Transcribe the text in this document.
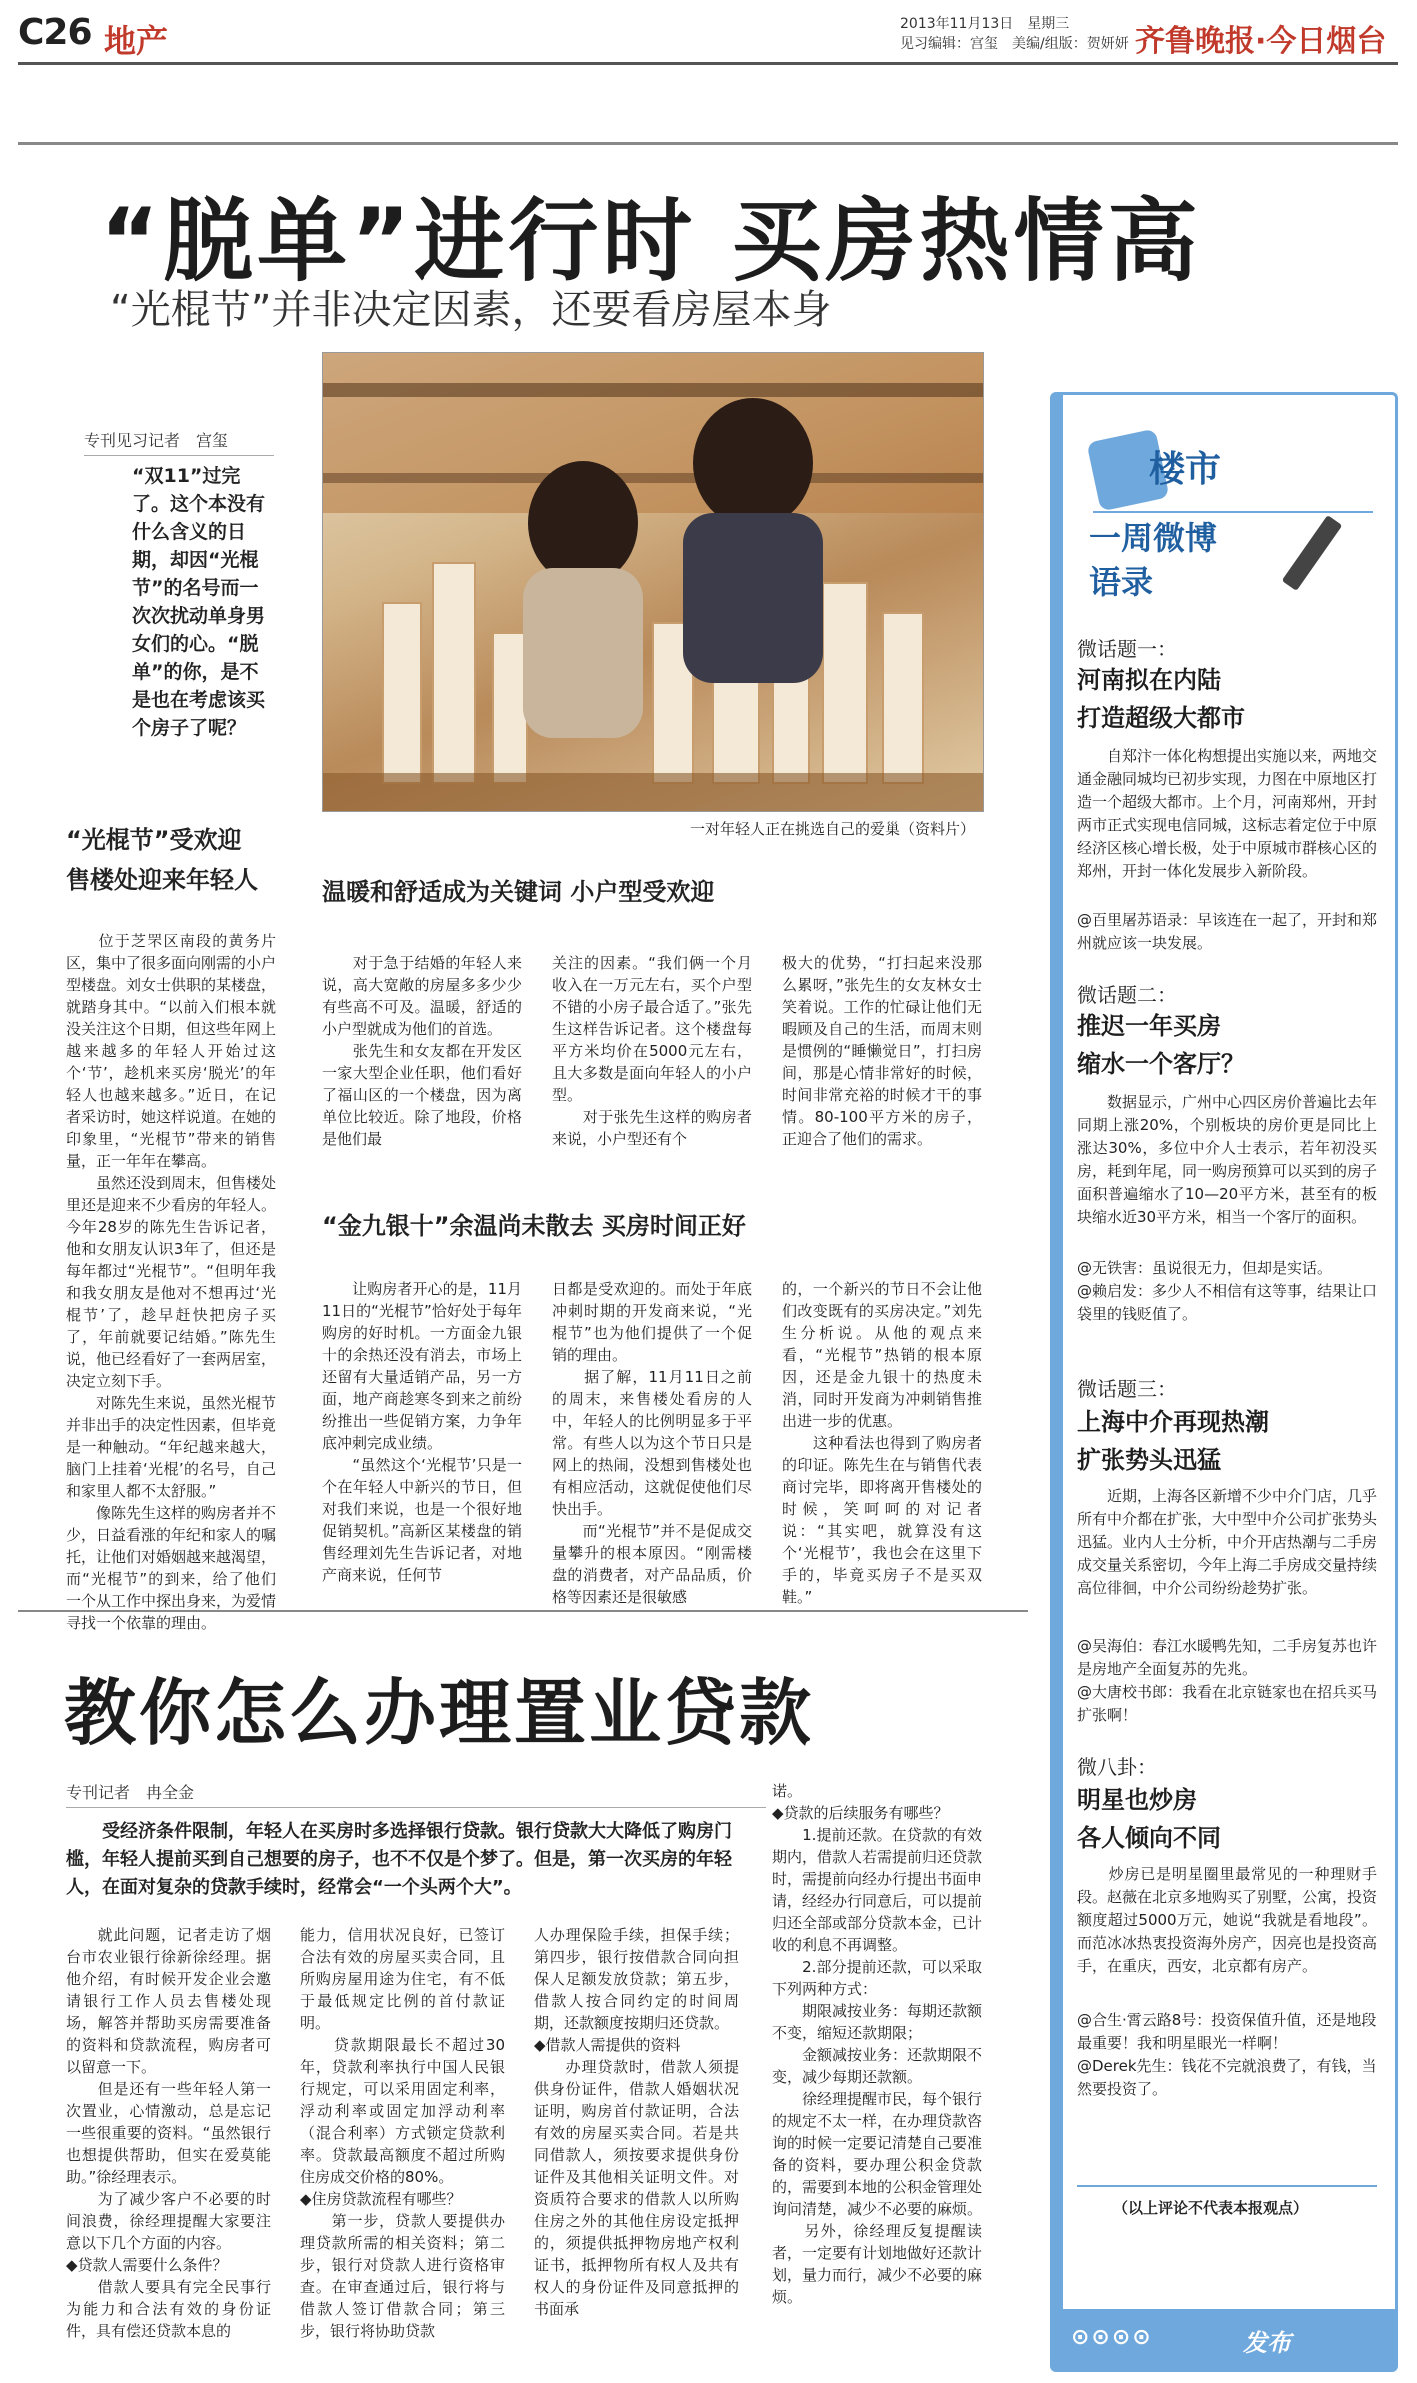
C26 地产	2013年11月13日　星期三
见习编辑：宫玺　美编/组版：贺妍妍 齐鲁晚报·今日烟台
“脱单”进行时 买房热情高
“光棍节”并非决定因素，还要看房屋本身
专刊见习记者　宫玺
“双11”过完了。这个本没有什么含义的日期，却因“光棍节”的名号而一次次扰动单身男女们的心。“脱单”的你，是不是也在考虑该买个房子了呢？
一对年轻人正在挑选自己的爱巢（资料片）
“光棍节”受欢迎
售楼处迎来年轻人
　　位于芝罘区南段的黄务片区，集中了很多面向刚需的小户型楼盘。刘女士供职的某楼盘，就踏身其中。“以前入们根本就没关注这个日期，但这些年网上越来越多的年轻人开始过这个‘节’，趁机来买房‘脱光’的年轻人也越来越多。”近日，在记者采访时，她这样说道。在她的印象里，“光棍节”带来的销售量，正一年年在攀高。
　　虽然还没到周末，但售楼处里还是迎来不少看房的年轻人。今年28岁的陈先生告诉记者，他和女朋友认识3年了，但还是每年都过“光棍节”。“但明年我和我女朋友是他对不想再过‘光棍节’了，趁早赶快把房子买了，年前就要记结婚。”陈先生说，他已经看好了一套两居室，决定立刻下手。
　　对陈先生来说，虽然光棍节并非出手的决定性因素，但毕竟是一种触动。“年纪越来越大，脑门上挂着‘光棍’的名号，自己和家里人都不太舒服。”
　　像陈先生这样的购房者并不少，日益看涨的年纪和家人的嘱托，让他们对婚姻越来越渴望，而“光棍节”的到来，给了他们一个从工作中探出身来，为爱情寻找一个依靠的理由。
温暖和舒适成为关键词 小户型受欢迎
　　对于急于结婚的年轻人来说，高大宽敞的房屋多多少少有些高不可及。温暖，舒适的小户型就成为他们的首选。
　　张先生和女友都在开发区一家大型企业任职，他们看好了福山区的一个楼盘，因为离单位比较近。除了地段，价格是他们最
关注的因素。“我们俩一个月收入在一万元左右，买个户型不错的小房子最合适了。”张先生这样告诉记者。这个楼盘每平方米均价在5000元左右，且大多数是面向年轻人的小户型。
　　对于张先生这样的购房者来说，小户型还有个
极大的优势，“打扫起来没那么累呀，”张先生的女友林女士笑着说。工作的忙碌让他们无暇顾及自己的生活，而周末则是惯例的“睡懒觉日”，打扫房间，那是心情非常好的时候，时间非常充裕的时候才干的事情。80-100平方米的房子，正迎合了他们的需求。
“金九银十”余温尚未散去 买房时间正好
　　让购房者开心的是，11月11日的“光棍节”恰好处于每年购房的好时机。一方面金九银十的余热还没有消去，市场上还留有大量适销产品，另一方面，地产商趁寒冬到来之前纷纷推出一些促销方案，力争年底冲刺完成业绩。
　　“虽然这个‘光棍节’只是一个在年轻人中新兴的节日，但对我们来说，也是一个很好地促销契机。”高新区某楼盘的销售经理刘先生告诉记者，对地产商来说，任何节
日都是受欢迎的。而处于年底冲刺时期的开发商来说，“光棍节”也为他们提供了一个促销的理由。
　　据了解，11月11日之前的周末，来售楼处看房的人中，年轻人的比例明显多于平常。有些人以为这个节日只是网上的热闹，没想到售楼处也有相应活动，这就促使他们尽快出手。
　　而“光棍节”并不是促成交量攀升的根本原因。“刚需楼盘的消费者，对产品品质，价格等因素还是很敏感
的，一个新兴的节日不会让他们改变既有的买房决定。”刘先生分析说。从他的观点来看，“光棍节”热销的根本原因，还是金九银十的热度未消，同时开发商为冲刺销售推出进一步的优惠。
　　这种看法也得到了购房者的印证。陈先生在与销售代表商讨完毕，即将离开售楼处的时候，笑呵呵的对记者说：“其实吧，就算没有这个‘光棍节’，我也会在这里下手的，毕竟买房子不是买双鞋。”
教你怎么办理置业贷款
专刊记者　冉全金
　　受经济条件限制，年轻人在买房时多选择银行贷款。银行贷款大大降低了购房门槛，年轻人提前买到自己想要的房子，也不不仅是个梦了。但是，第一次买房的年轻人，在面对复杂的贷款手续时，经常会“一个头两个大”。
　　就此问题，记者走访了烟台市农业银行徐新徐经理。据他介绍，有时候开发企业会邀请银行工作人员去售楼处现场，解答并帮助买房需要准备的资料和贷款流程，购房者可以留意一下。
　　但是还有一些年轻人第一次置业，心情激动，总是忘记一些很重要的资料。“虽然银行也想提供帮助，但实在爱莫能助。”徐经理表示。
　　为了减少客户不必要的时间浪费，徐经理提醒大家要注意以下几个方面的内容。
◆贷款人需要什么条件？
　　借款人要具有完全民事行为能力和合法有效的身份证件，具有偿还贷款本息的
能力，信用状况良好，已签订合法有效的房屋买卖合同，且所购房屋用途为住宅，有不低于最低规定比例的首付款证明。
　　贷款期限最长不超过30年，贷款利率执行中国人民银行规定，可以采用固定利率，浮动利率或固定加浮动利率（混合利率）方式锁定贷款利率。贷款最高额度不超过所购住房成交价格的80%。
◆住房贷款流程有哪些？
　　第一步，贷款人要提供办理贷款所需的相关资料；第二步，银行对贷款人进行资格审查。在审查通过后，银行将与借款人签订借款合同；第三步，银行将协助贷款
人办理保险手续，担保手续；第四步，银行按借款合同向担保人足额发放贷款；第五步，借款人按合同约定的时间周期，还款额度按期归还贷款。
◆借款人需提供的资料
　　办理贷款时，借款人须提供身份证件，借款人婚姻状况证明，购房首付款证明，合法有效的房屋买卖合同。若是共同借款人，须按要求提供身份证件及其他相关证明文件。对资质符合要求的借款人以所购住房之外的其他住房设定抵押的，须提供抵押物房地产权利证书，抵押物所有权人及共有权人的身份证件及同意抵押的书面承
诺。
◆贷款的后续服务有哪些？
　　1.提前还款。在贷款的有效期内，借款人若需提前归还贷款时，需提前向经办行提出书面申请，经经办行同意后，可以提前归还全部或部分贷款本金，已计收的利息不再调整。
　　2.部分提前还款，可以采取下列两种方式：
　　期限减按业务：每期还款额不变，缩短还款期限；
　　金额减按业务：还款期限不变，减少每期还款额。
　　徐经理提醒市民，每个银行的规定不太一样，在办理贷款咨询的时候一定要记清楚自己要准备的资料，要办理公积金贷款的，需要到本地的公积金管理处询问清楚，减少不必要的麻烦。
　　另外，徐经理反复提醒读者，一定要有计划地做好还款计划，量力而行，减少不必要的麻烦。
楼市
一周微博
语录
微话题一：
河南拟在内陆
打造超级大都市
　　自郑汴一体化构想提出实施以来，两地交通金融同城均已初步实现，力图在中原地区打造一个超级大都市。上个月，河南郑州，开封两市正式实现电信同城，这标志着定位于中原经济区核心增长极，处于中原城市群核心区的郑州，开封一体化发展步入新阶段。
@百里屠苏语录：早该连在一起了，开封和郑州就应该一块发展。
微话题二：
推迟一年买房
缩水一个客厅？
　　数据显示，广州中心四区房价普遍比去年同期上涨20%，个别板块的房价更是同比上涨达30%，多位中介人士表示，若年初没买房，耗到年尾，同一购房预算可以买到的房子面积普遍缩水了10—20平方米，甚至有的板块缩水近30平方米，相当一个客厅的面积。
@无铁害：虽说很无力，但却是实话。
@赖启发：多少人不相信有这等事，结果让口袋里的钱贬值了。
微话题三：
上海中介再现热潮
扩张势头迅猛
　　近期，上海各区新增不少中介门店，几乎所有中介都在扩张，大中型中介公司扩张势头迅猛。业内人士分析，中介开店热潮与二手房成交量关系密切，今年上海二手房成交量持续高位徘徊，中介公司纷纷趁势扩张。
@吴海伯：春江水暖鸭先知，二手房复苏也许是房地产全面复苏的先兆。
@大唐校书郎：我看在北京链家也在招兵买马扩张啊！
微八卦：
明星也炒房
各人倾向不同
　　炒房已是明星圈里最常见的一种理财手段。赵薇在北京多地购买了别墅，公寓，投资额度超过5000万元，她说“我就是看地段”。而范冰冰热衷投资海外房产，因亮也是投资高手，在重庆，西安，北京都有房产。
@合生·霄云路8号：投资保值升值，还是地段最重要！我和明星眼光一样啊！
@Derek先生：钱花不完就浪费了，有钱，当然要投资了。
（以上评论不代表本报观点）
⊙⊙⊙⊙	发布
